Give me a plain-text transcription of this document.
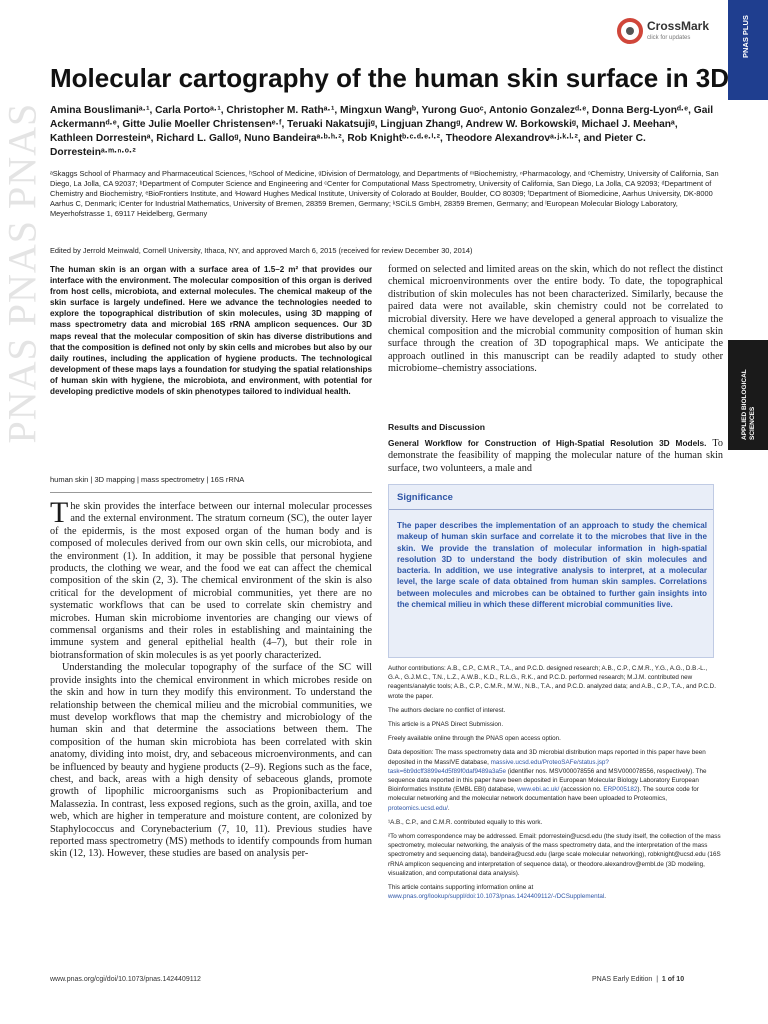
PNAS PNAS PNAS
PNAS PLUS
APPLIED BIOLOGICAL SCIENCES
CrossMark
click for updates
Molecular cartography of the human skin surface in 3D
Amina Bouslimaniᵃ·¹, Carla Portoᵃ·¹, Christopher M. Rathᵃ·¹, Mingxun Wangᵇ, Yurong Guoᶜ, Antonio Gonzalezᵈ·ᵉ, Donna Berg-Lyonᵈ·ᵉ, Gail Ackermannᵈ·ᵉ, Gitte Julie Moeller Christensenᵉ·ᶠ, Teruaki Nakatsujiᵍ, Lingjuan Zhangᵍ, Andrew W. Borkowskiᵍ, Michael J. Meehanᵃ, Kathleen Dorresteinᵃ, Richard L. Galloᵍ, Nuno Bandeiraᵃ·ᵇ·ʰ·², Rob Knightᵇ·ᶜ·ᵈ·ᵉ·ⁱ·², Theodore Alexandrovᵃ·ʲ·ᵏ·ˡ·², and Pieter C. Dorresteinᵃ·ᵐ·ⁿ·ᵒ·²
ᵃSkaggs School of Pharmacy and Pharmaceutical Sciences, ʰSchool of Medicine, ᵍDivision of Dermatology, and Departments of ᵐBiochemistry, ⁿPharmacology, and ᵒChemistry, University of California, San Diego, La Jolla, CA 92037; ᵇDepartment of Computer Science and Engineering and ᶜCenter for Computational Mass Spectrometry, University of California, San Diego, La Jolla, CA 92093; ᵈDepartment of Chemistry and Biochemistry, ᵉBioFrontiers Institute, and ⁱHoward Hughes Medical Institute, University of Colorado at Boulder, Boulder, CO 80309; ᶠDepartment of Biomedicine, Aarhus University, DK-8000 Aarhus C, Denmark; ʲCenter for Industrial Mathematics, University of Bremen, 28359 Bremen, Germany; ᵏSCiLS GmbH, 28359 Bremen, Germany; and ˡEuropean Molecular Biology Laboratory, Meyerhofstrasse 1, 69117 Heidelberg, Germany
Edited by Jerrold Meinwald, Cornell University, Ithaca, NY, and approved March 6, 2015 (received for review December 30, 2014)
The human skin is an organ with a surface area of 1.5–2 m² that provides our interface with the environment. The molecular composition of this organ is derived from host cells, microbiota, and external molecules. The chemical makeup of the skin surface is largely undefined. Here we advance the technologies needed to explore the topographical distribution of skin molecules, using 3D mapping of mass spectrometry data and microbial 16S rRNA amplicon sequences. Our 3D maps reveal that the molecular composition of skin has diverse distributions and that the composition is defined not only by skin cells and microbes but also by our daily routines, including the application of hygiene products. The technological development of these maps lays a foundation for studying the spatial relationships of human skin with hygiene, the microbiota, and environment, with potential for developing predictive models of skin phenotypes tailored to individual health.
human skin | 3D mapping | mass spectrometry | 16S rRNA

The skin provides the interface between our internal molecular processes and the external environment. The stratum corneum (SC), the outer layer of the epidermis, is the most exposed organ of the human body and is composed of molecules derived from our own skin cells, our microbiota, and the environment (1). In addition, it may be possible that personal hygiene products, the clothing we wear, and the food we eat can affect the chemical composition of the skin (2, 3). The chemical environment of the skin is also critical for the development of microbial communities, yet there are no systematic workflows that can be used to correlate skin chemistry and microbes. Human skin microbiome inventories are changing our views of commensal organisms and their roles in establishing and maintaining the immune system and general epithelial health (4–7), but their role in biotransformation of skin molecules is as yet poorly characterized.

Understanding the molecular topography of the surface of the SC will provide insights into the chemical environment in which microbes reside on the skin and how in turn they modify this environment. To understand the relationship between the chemical milieu and the microbial communities, we must develop workflows that map the chemistry and microbiology of the human skin and that determine the associations between them. The composition of the human skin microbiota has been correlated with skin anatomy, dividing into moist, dry, and sebaceous microenvironments, and can be influenced by beauty and hygiene products (2–9). Regions such as the face, chest, and back, areas with a high density of sebaceous glands, promote growth of lipophilic microorganisms such as Propionibacterium and Malassezia. In contrast, less exposed regions, such as the groin, axilla, and toe web, which are higher in temperature and moisture content, are colonized by Staphylococcus and Corynebacterium (7, 10, 11). Previous studies have reported mass spectrometry (MS) methods to identify compounds from human skin (12, 13). However, these studies are based on analysis per-

formed on selected and limited areas on the skin, which do not reflect the distinct chemical microenvironments over the entire body. To date, the topographical distribution of skin molecules has not been characterized. Similarly, because the paired data were not available, skin chemistry could not be correlated to microbial diversity. Here we have developed a general approach to visualize the chemical composition and the microbial community composition of human skin surface through the creation of 3D topographical maps. We anticipate the approach outlined in this manuscript can be readily adapted to study other microbiome–chemistry associations.
Results and Discussion
General Workflow for Construction of High-Spatial Resolution 3D Models. To demonstrate the feasibility of mapping the molecular nature of the human skin surface, two volunteers, a male and
Significance
The paper describes the implementation of an approach to study the chemical makeup of human skin surface and correlate it to the microbes that live in the skin. We provide the translation of molecular information in high-spatial resolution 3D to understand the body distribution of skin molecules and bacteria. In addition, we use integrative analysis to interpret, at a molecular level, the large scale of data obtained from human skin samples. Correlations between molecules and microbes can be obtained to further gain insights into the chemical milieu in which these different microbial communities live.

Author contributions: A.B., C.P., C.M.R., T.A., and P.C.D. designed research; A.B., C.P., C.M.R., Y.G., A.G., D.B.-L., G.A., G.J.M.C., T.N., L.Z., A.W.B., K.D., R.L.G., R.K., and P.C.D. performed research; M.J.M. contributed new reagents/analytic tools; A.B., C.P., C.M.R., M.W., N.B., T.A., and P.C.D. analyzed data; and A.B., C.P., T.A., and P.C.D. wrote the paper.

The authors declare no conflict of interest.

This article is a PNAS Direct Submission.

Freely available online through the PNAS open access option.

Data deposition: The mass spectrometry data and 3D microbial distribution maps reported in this paper have been deposited in the MassIVE database, massive.ucsd.edu/ProteoSAFe/status.jsp?task=6b9dcff3899e4d5f89f0daf9489a3a5e (identifier nos. MSV000078556 and MSV000078556, respectively). The sequence data reported in this paper have been deposited in European Molecular Biology Laboratory European Bioinformatics Institute (EMBL EBI) database, www.ebi.ac.uk/ (accession no. ERP005182). The source code for molecular networking and the molecular network documentation have been uploaded to Proteomics, proteomics.ucsd.edu/.

¹A.B., C.P., and C.M.R. contributed equally to this work.

²To whom correspondence may be addressed. Email: pdorrestein@ucsd.edu (the study itself, the collection of the mass spectrometry, molecular networking, the analysis of the mass spectrometry data, and the interpretation of the mass spectrometry and sequencing data), bandeira@ucsd.edu (large scale molecular networking), robknight@ucsd.edu (16S rRNA amplicon sequencing and interpretation of sequence data), or theodore.alexandrov@embl.de (3D modeling, visualization, and computational data analysis).

This article contains supporting information online at www.pnas.org/lookup/suppl/doi:10.1073/pnas.1424409112/-/DCSupplemental.

www.pnas.org/cgi/doi/10.1073/pnas.1424409112	PNAS Early Edition | 1 of 10
